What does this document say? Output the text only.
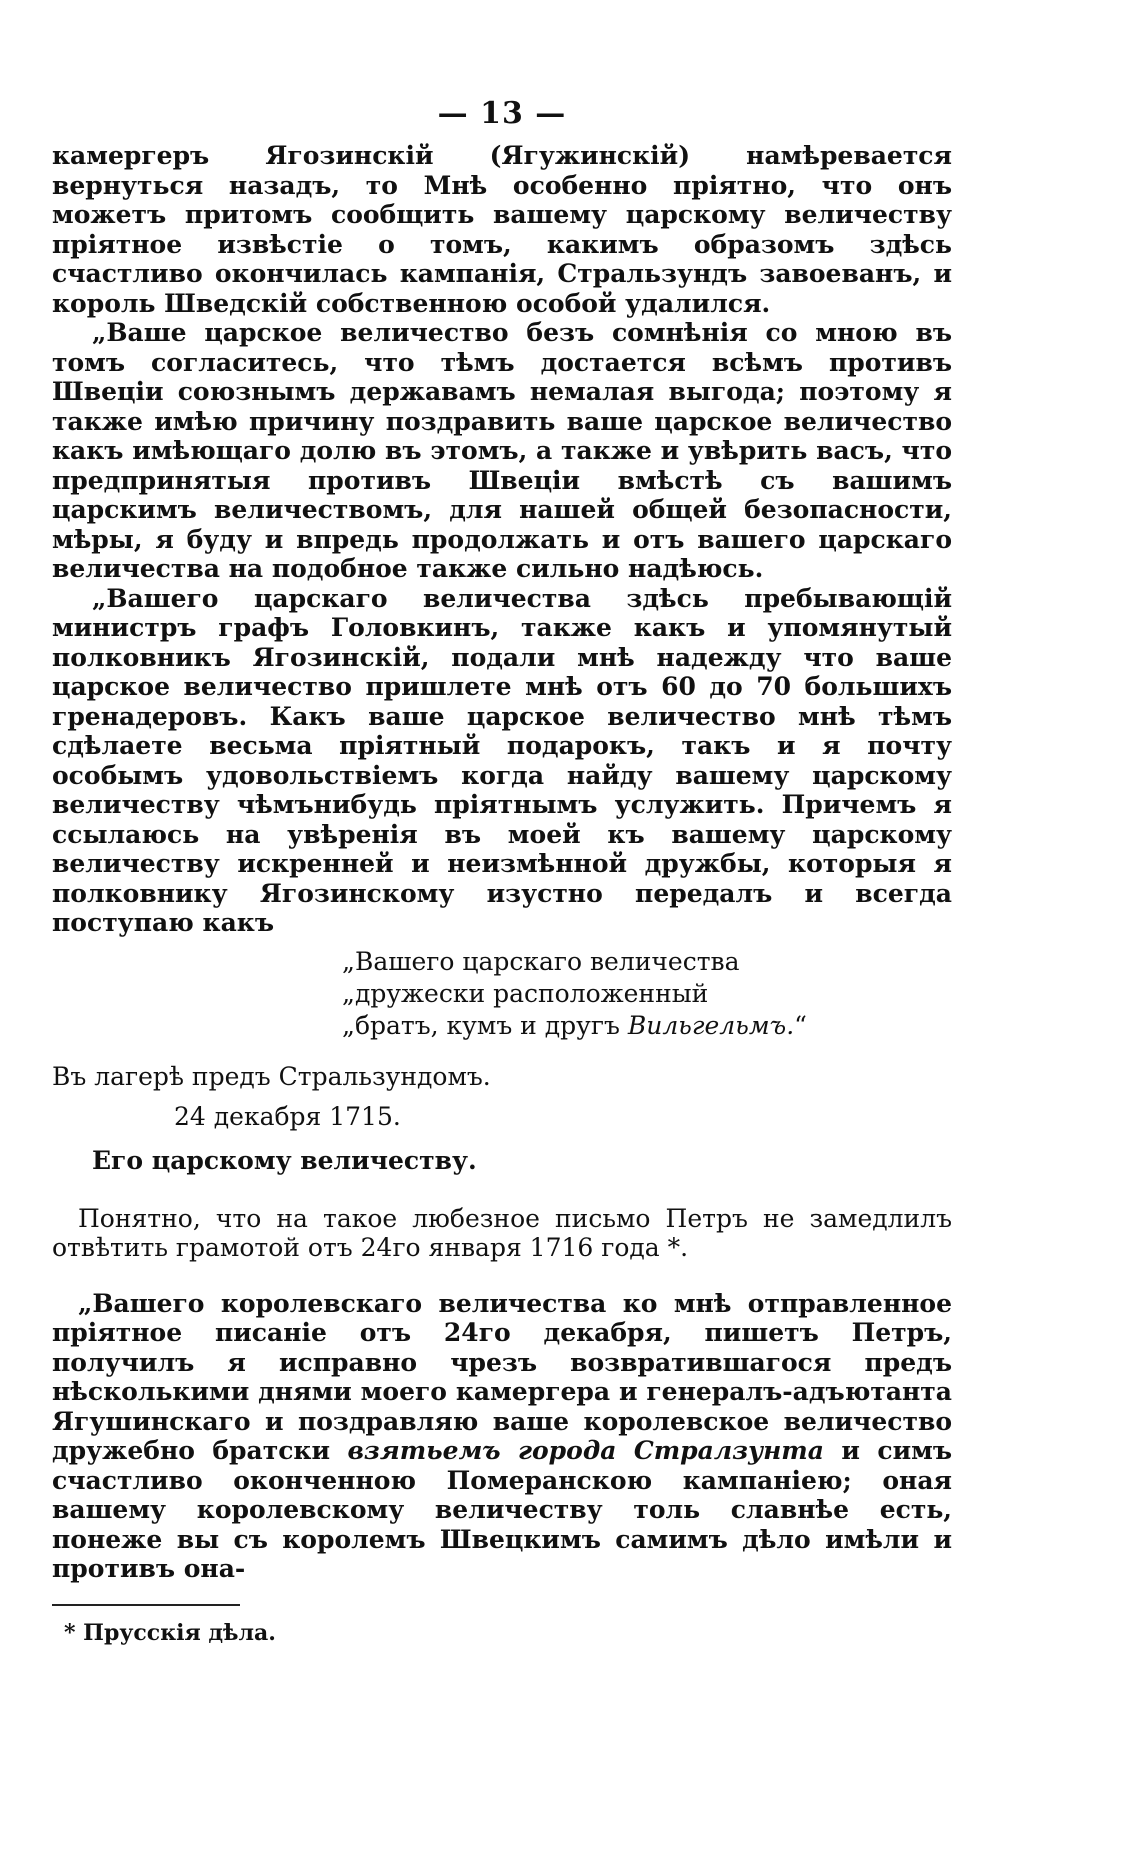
— 13 —

камергеръ Ягозинскій (Ягужинскій) намѣревается вернуться назадъ, то Мнѣ особенно пріятно, что онъ можетъ притомъ сообщить вашему царскому величеству пріятное извѣстіе о томъ, какимъ образомъ здѣсь счастливо окончилась кампанія, Стральзундъ завоеванъ, и король Шведскій собственною особой удалился.

„Ваше царское величество безъ сомнѣнія со мною въ томъ согласитесь, что тѣмъ достается всѣмъ противъ Швеціи союзнымъ державамъ немалая выгода; поэтому я также имѣю причину поздравить ваше царское величество какъ имѣющаго долю въ этомъ, а также и увѣрить васъ, что предпринятыя противъ Швеціи вмѣстѣ съ вашимъ царскимъ величествомъ, для нашей общей безопасности, мѣры, я буду и впредь продолжать и отъ вашего царскаго величества на подобное также сильно надѣюсь.

„Вашего царскаго величества здѣсь пребывающій министръ графъ Головкинъ, также какъ и упомянутый полковникъ Ягозинскій, подали мнѣ надежду что ваше царское величество пришлете мнѣ отъ 60 до 70 большихъ гренадеровъ. Какъ ваше царское величество мнѣ тѣмъ сдѣлаете весьма пріятный подарокъ, такъ и я почту особымъ удовольствіемъ когда найду вашему царскому величеству чѣмънибудь пріятнымъ услужить. Причемъ я ссылаюсь на увѣренія въ моей къ вашему царскому величеству искренней и неизмѣнной дружбы, которыя я полковнику Ягозинскому изустно передалъ и всегда поступаю какъ

„Вашего царскаго величества
„дружески расположенный
„братъ, кумъ и другъ Вильгельмъ.“
Въ лагерѣ предъ Стральзундомъ.
24 декабря 1715.
Его царскому величеству.

Понятно, что на такое любезное письмо Петръ не замедлилъ отвѣтить грамотой отъ 24го января 1716 года *.

„Вашего королевскаго величества ко мнѣ отправленное пріятное писаніе отъ 24го декабря, пишетъ Петръ, получилъ я исправно чрезъ возвратившагося предъ нѣсколькими днями моего камергера и генералъ-адъютанта Ягушинскаго и поздравляю ваше королевское величество дружебно братски взятьемъ города Стралзунта и симъ счастливо оконченною Померанскою кампаніею; оная вашему королевскому величеству толь славнѣе есть, понеже вы съ королемъ Швецкимъ самимъ дѣло имѣли и противъ она-

* Прусскія дѣла.
